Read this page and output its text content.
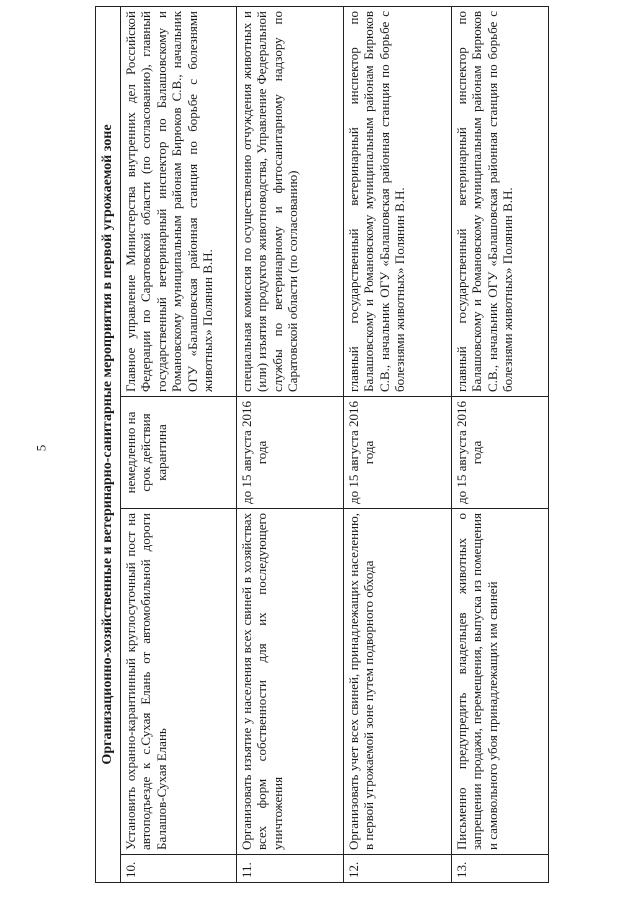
5	Организационно-хозяйственные и ветеринарно-санитарные мероприятия в первой угрожаемой зоне			
10.	Установить охранно-карантинный круглосуточный пост на автоподъезде к с.Сухая Елань от автомобильной дороги Балашов-Сухая Елань	немедленно на срок действия карантина	Главное управление Министерства внутренних дел Российской Федерации по Саратовской области (по согласованию), главный государственный ветеринарный инспектор по Балашовскому и Романовскому муниципальным районам Бирюков С.В., начальник ОГУ «Балашовская районная станция по борьбе с болезнями животных» Полянин В.Н.
11.	Организовать изъятие у населения всех свиней в хозяйствах всех форм собственности для их последующего уничтожения	до 15 августа 2016 года	специальная комиссия по осуществлению отчуждения животных и (или) изъятия продуктов животноводства, Управление Федеральной службы по ветеринарному и фитосанитарному надзору по Саратовской области (по согласованию)
12.	Организовать учет всех свиней, принадлежащих населению, в первой угрожаемой зоне путем подворного обхода	до 15 августа 2016 года	главный государственный ветеринарный инспектор по Балашовскому и Романовскому муниципальным районам Бирюков С.В., начальник ОГУ «Балашовская районная станция по борьбе с болезнями животных» Полянин В.Н.
13.	Письменно предупредить владельцев животных о запрещении продажи, перемещения, выпуска из помещения и самовольного убоя принадлежащих им свиней	до 15 августа 2016 года	главный государственный ветеринарный инспектор по Балашовскому и Романовскому муниципальным районам Бирюков С.В., начальник ОГУ «Балашовская районная станция по борьбе с болезнями животных» Полянин В.Н.
